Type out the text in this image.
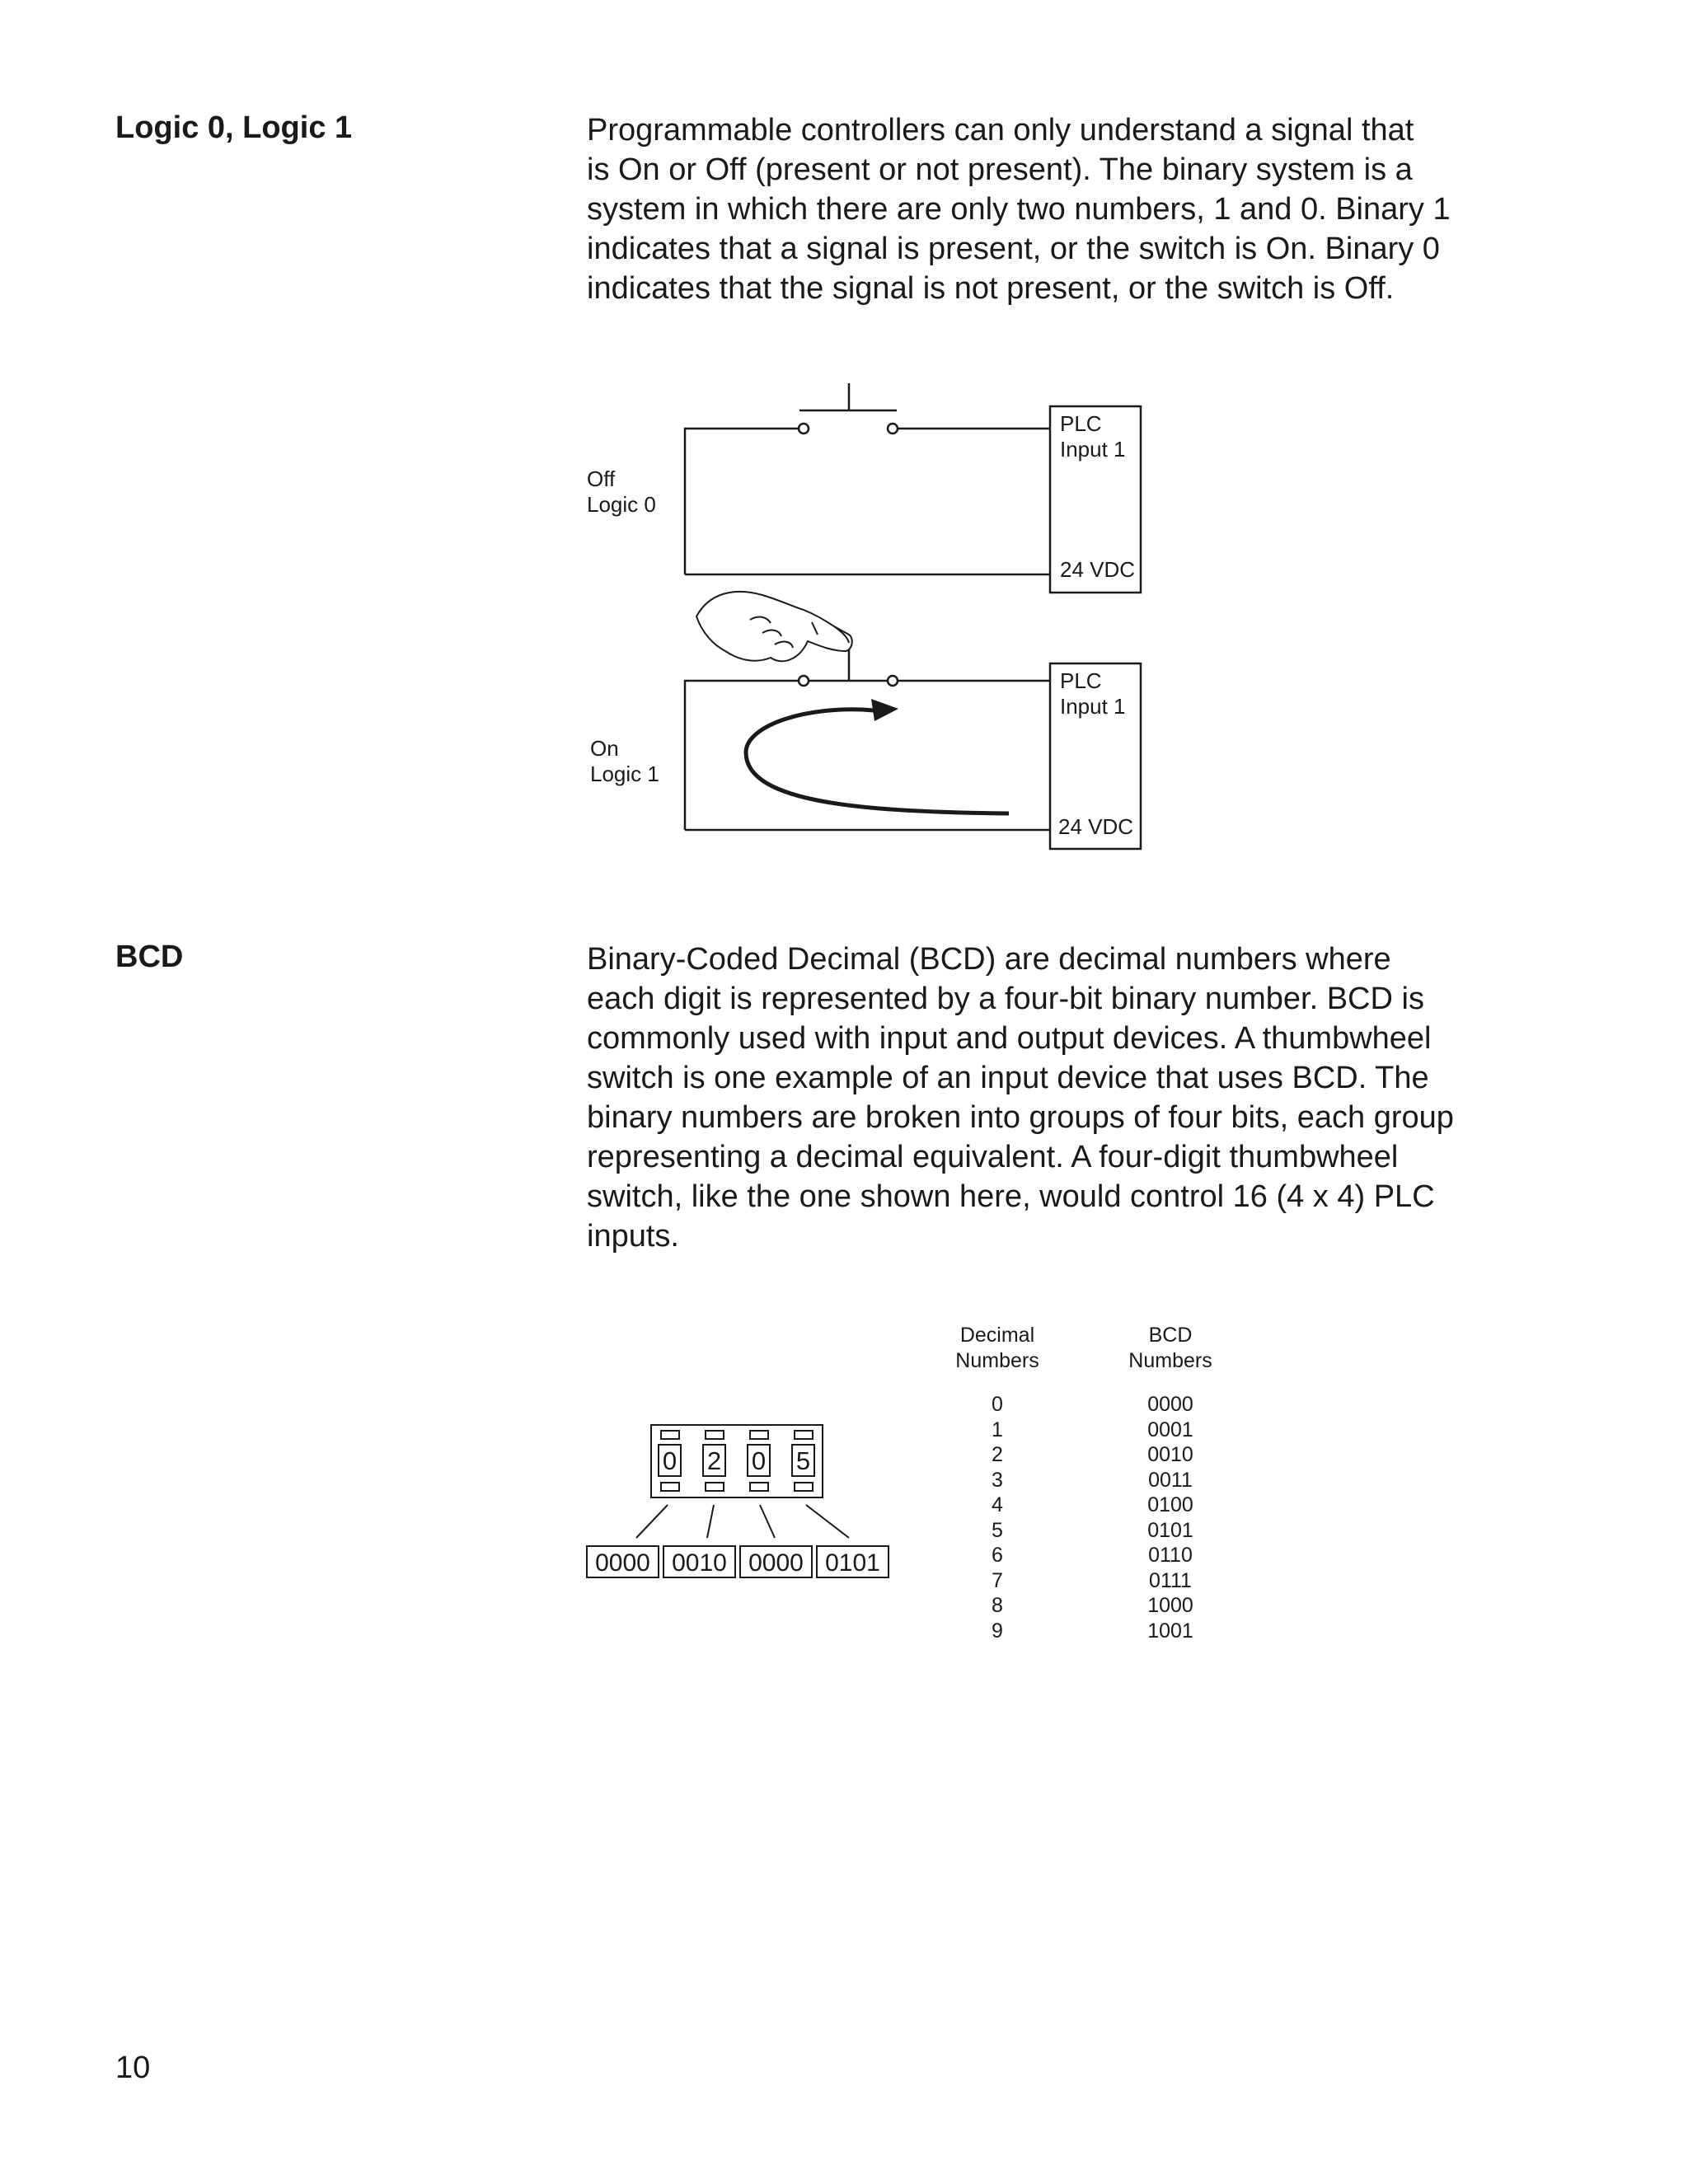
Logic 0, Logic 1	Programmable controllers can only understand a signal that
is On or Off (present or not present). The binary system is a
system in which there are only two numbers, 1 and 0. Binary 1
indicates that a signal is present, or the switch is On. Binary 0
indicates that the signal is not present, or the switch is Off.
Off
Logic 0
PLC
Input 1
24 VDC
On
Logic 1
PLC
Input 1
24 VDC
BCD	Binary-Coded Decimal (BCD) are decimal numbers where
each digit is represented by a four-bit binary number. BCD is
commonly used with input and output devices. A thumbwheel
switch is one example of an input device that uses BCD. The
binary numbers are broken into groups of four bits, each group
representing a decimal equivalent. A four-digit thumbwheel
switch, like the one shown here, would control 16 (4 x 4) PLC
inputs.
0 2 0 5
0000 0010 0000 0101
Decimal
Numbers
BCD
Numbers
0	0000
1	0001
2	0010
3	0011
4	0100
5	0101
6	0110
7	0111
8	1000
9	1001
10
